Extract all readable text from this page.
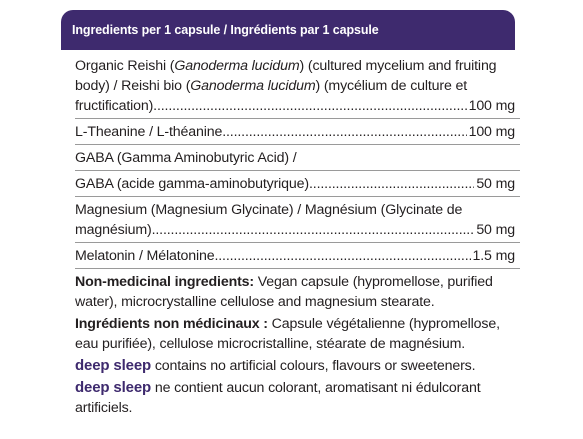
Ingredients per 1 capsule / Ingrédients par 1 capsule
Organic Reishi (Ganoderma lucidum) (cultured mycelium and fruiting
body) / Reishi bio (Ganoderma lucidum) (mycélium de culture et
fructification) .....	100 mg
L-Theanine / L-théanine .....	100 mg
GABA (Gamma Aminobutyric Acid) /
GABA (acide gamma-aminobutyrique) .....	50 mg
Magnesium (Magnesium Glycinate) / Magnésium (Glycinate de
magnésium) .....	50 mg
Melatonin / Mélatonine .....	1.5 mg
Non-medicinal ingredients: Vegan capsule (hypromellose, purified
water), microcrystalline cellulose and magnesium stearate.
Ingrédients non médicinaux : Capsule végétalienne (hypromellose,
eau purifiée), cellulose microcristalline, stéarate de magnésium.
deep sleep contains no artificial colours, flavours or sweeteners.
deep sleep ne contient aucun colorant, aromatisant ni édulcorant
artificiels.
